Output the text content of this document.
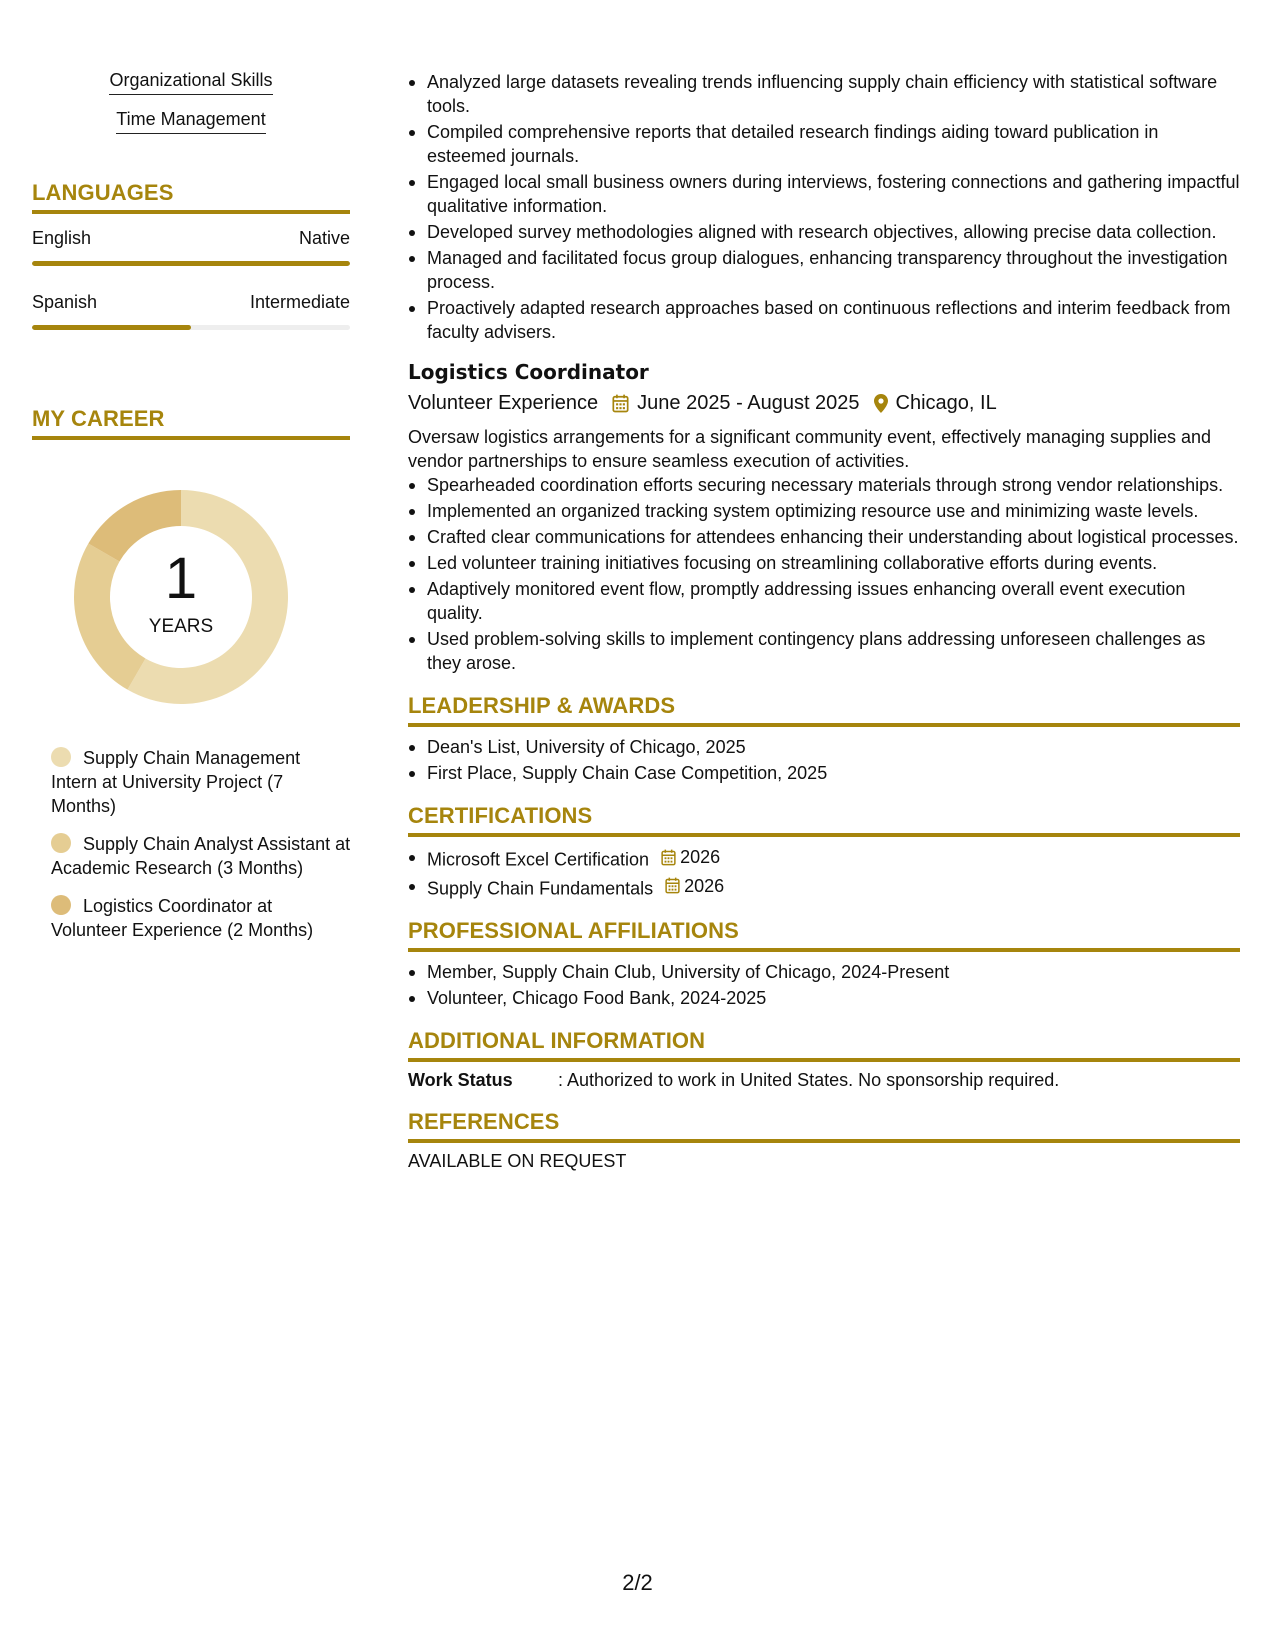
Organizational Skills
Time Management
LANGUAGES
English	Native
Spanish	Intermediate
MY CAREER
1
YEARS
Supply Chain Management Intern at University Project (7 Months)
Supply Chain Analyst Assistant at Academic Research (3 Months)
Logistics Coordinator at Volunteer Experience (2 Months)
Analyzed large datasets revealing trends influencing supply chain efficiency with statistical software tools.
Compiled comprehensive reports that detailed research findings aiding toward publication in esteemed journals.
Engaged local small business owners during interviews, fostering connections and gathering impactful qualitative information.
Developed survey methodologies aligned with research objectives, allowing precise data collection.
Managed and facilitated focus group dialogues, enhancing transparency throughout the investigation process.
Proactively adapted research approaches based on continuous reflections and interim feedback from faculty advisers.
Logistics Coordinator
Volunteer Experience June 2025 - August 2025 Chicago, IL
Oversaw logistics arrangements for a significant community event, effectively managing supplies and vendor partnerships to ensure seamless execution of activities.
Spearheaded coordination efforts securing necessary materials through strong vendor relationships.
Implemented an organized tracking system optimizing resource use and minimizing waste levels.
Crafted clear communications for attendees enhancing their understanding about logistical processes.
Led volunteer training initiatives focusing on streamlining collaborative efforts during events.
Adaptively monitored event flow, promptly addressing issues enhancing overall event execution quality.
Used problem-solving skills to implement contingency plans addressing unforeseen challenges as they arose.
LEADERSHIP & AWARDS
Dean's List, University of Chicago, 2025
First Place, Supply Chain Case Competition, 2025
CERTIFICATIONS
Microsoft Excel Certification 2026
Supply Chain Fundamentals 2026
PROFESSIONAL AFFILIATIONS
Member, Supply Chain Club, University of Chicago, 2024-Present
Volunteer, Chicago Food Bank, 2024-2025
ADDITIONAL INFORMATION
Work Status	: Authorized to work in United States. No sponsorship required.
REFERENCES
AVAILABLE ON REQUEST
2/2
